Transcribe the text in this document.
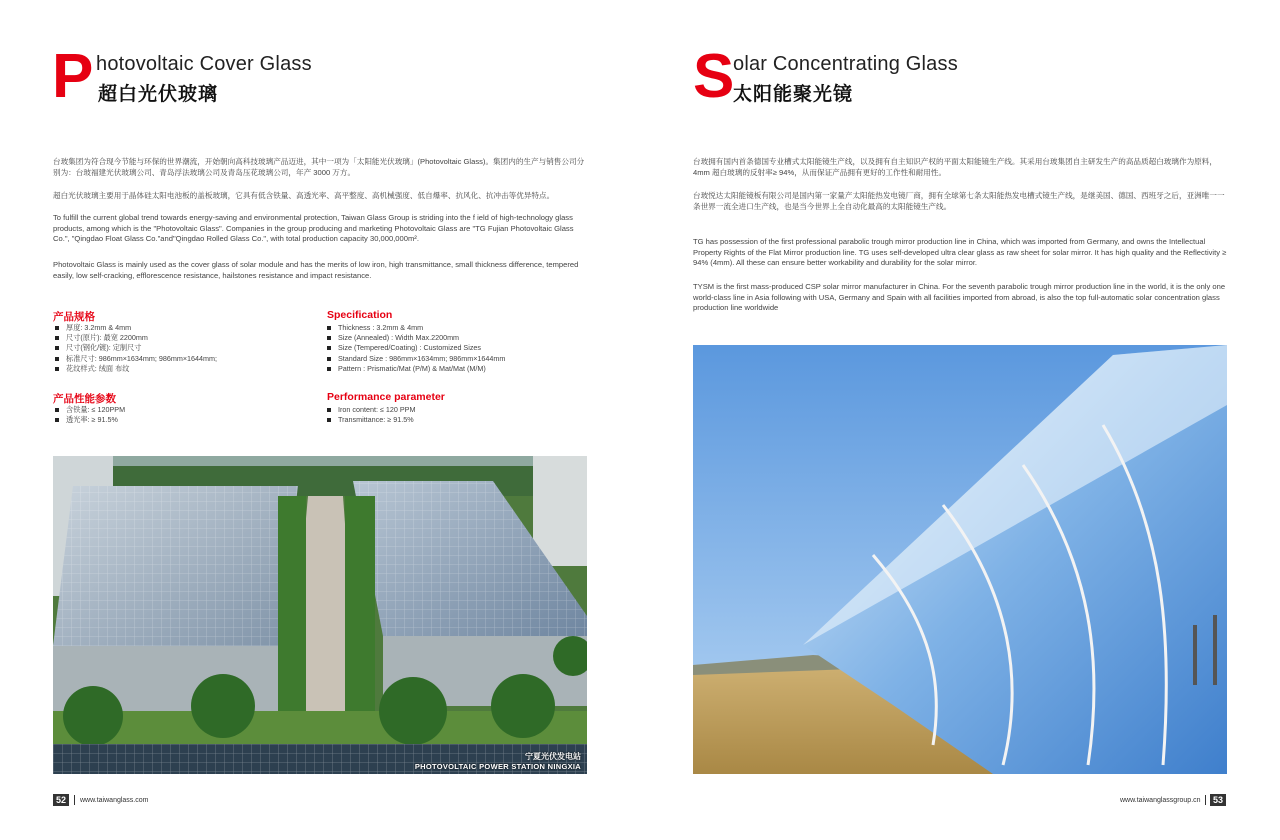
P hotovoltaic Cover Glass
超白光伏玻璃

台玻集团为符合现今节能与环保的世界潮流，开始朝向高科技玻璃产品迈进，其中一项为「太阳能光伏玻璃」(Photovoltaic Glass)。集团内的生产与销售公司分别为：台玻福建光伏玻璃公司、青岛浮法玻璃公司及青岛压花玻璃公司，年产 3000 万方。

超白光伏玻璃主要用于晶体硅太阳电池板的盖板玻璃，它具有低含铁量、高透光率、高平整度、高机械强度、低自爆率、抗风化、抗冲击等优异特点。

To fulfill the current global trend towards energy-saving and environmental protection, Taiwan Glass Group is striding into the f ield of high-technology glass products, among which is the "Photovoltaic Glass". Companies in the group producing and marketing Photovoltaic Glass are "TG Fujian Photovoltaic Glass Co.", "Qingdao Float Glass Co."and"Qingdao Rolled Glass Co.", with total production capacity 30,000,000m².

Photovoltaic Glass is mainly used as the cover glass of solar module and has the merits of low iron, high transmittance, small thickness difference, tempered easily, low self-cracking, efflorescence resistance, hailstones resistance and impact resistance.

产品规格
厚度: 3.2mm & 4mm
尺寸(原片): 最宽 2200mm
尺寸(钢化/镀): 定制尺寸
标准尺寸: 986mm×1634mm; 986mm×1644mm;
花纹样式: 绒面 布纹
Specification
Thickness : 3.2mm & 4mm
Size (Annealed) : Width Max.2200mm
Size (Tempered/Coating) : Customized Sizes
Standard Size : 986mm×1634mm; 986mm×1644mm
Pattern : Prismatic/Mat (P/M) & Mat/Mat (M/M)
产品性能参数
含铁量: ≤ 120PPM
透光率: ≥ 91.5%
Performance parameter
Iron content: ≤ 120 PPM
Transmittance: ≥ 91.5%
宁夏光伏发电站
PHOTOVOLTAIC POWER STATION NINGXIA
52	www.taiwanglass.com
S
olar Concentrating Glass
太阳能聚光镜

台玻拥有国内首条德国专业槽式太阳能镜生产线，以及拥有自主知识产权的平面太阳能镜生产线。其采用台玻集团自主研发生产的高品质超白玻璃作为原料，4mm 超白玻璃的反射率≥ 94%，从而保证产品拥有更好的工作性和耐用性。

台玻悦达太阳能镜板有限公司是国内第一家量产太阳能热发电镜厂商，拥有全球第七条太阳能热发电槽式镜生产线，是继美国、德国、西班牙之后，亚洲唯一一条世界一流全进口生产线，也是当今世界上全自动化最高的太阳能镜生产线。

TG has possession of the first professional parabolic trough mirror production line in China, which was imported from Germany, and owns the Intellectual Property Rights of the Flat Mirror production line. TG uses self-developed ultra clear glass as raw sheet for solar mirror. It has high quality and the Reflectivity ≥ 94% (4mm). All these can ensure better workability and durability for the solar mirror.

TYSM is the first mass-produced CSP solar mirror manufacturer in China. For the seventh parabolic trough mirror production line in the world, it is the only one world-class line in Asia following with USA, Germany and Spain with all facilities imported from abroad, is also the top full-automatic solar concentration glass production line worldwide

www.taiwanglassgroup.cn	53
